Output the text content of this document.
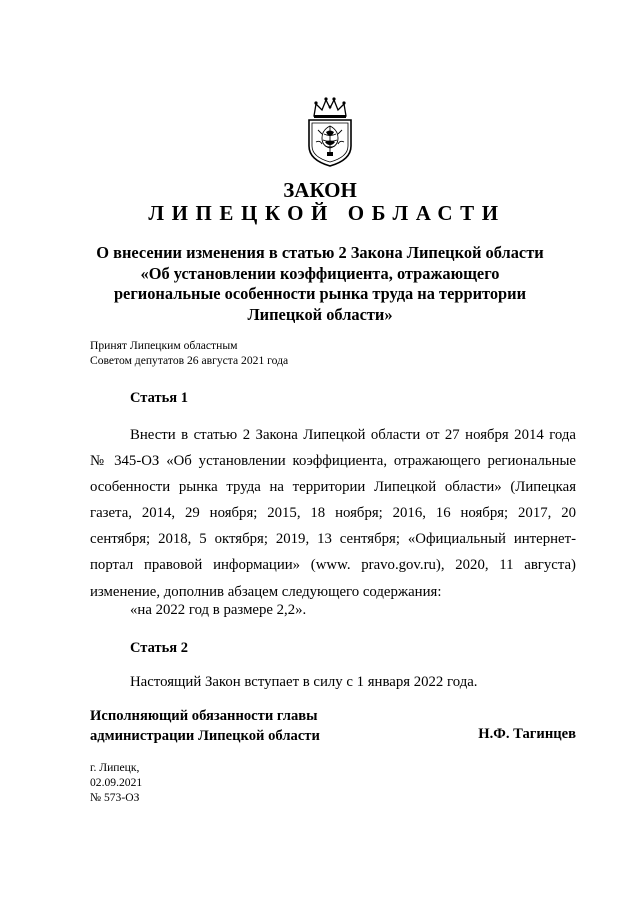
ЗАКОН
ЛИПЕЦКОЙ ОБЛАСТИ
О внесении изменения в статью 2 Закона Липецкой области
«Об установлении коэффициента, отражающего
региональные особенности рынка труда на территории
Липецкой области»
Принят Липецким областным
Советом депутатов 26 августа 2021 года
Статья 1
Внести в статью 2 Закона Липецкой области от 27 ноября 2014 года
№ 345-ОЗ «Об установлении коэффициента, отражающего региональные
особенности рынка труда на территории Липецкой области» (Липецкая
газета, 2014, 29 ноября; 2015, 18 ноября; 2016, 16 ноября; 2017, 20
сентября; 2018, 5 октября; 2019, 13 сентября; «Официальный интернет-
портал правовой информации» (www. pravo.gov.ru), 2020, 11 августа)
изменение, дополнив абзацем следующего содержания:
«на 2022 год в размере 2,2».
Статья 2
Настоящий Закон вступает в силу с 1 января 2022 года.
Исполняющий обязанности главы
администрации Липецкой области	Н.Ф. Тагинцев
г. Липецк,
02.09.2021
№ 573-ОЗ
